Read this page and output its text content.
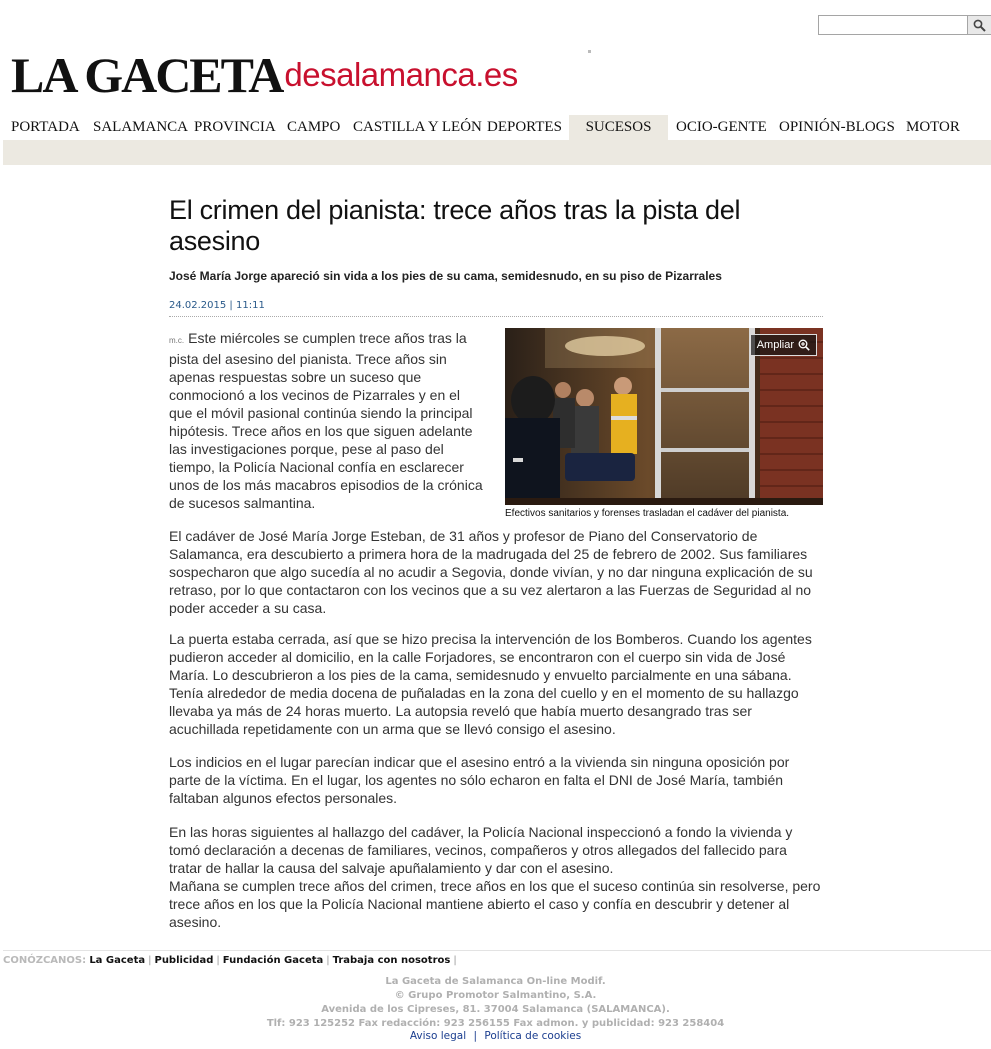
LA GACETAdesalamanca.es
PORTADA SALAMANCA PROVINCIA CAMPO CASTILLA Y LEÓN DEPORTES	SUCESOS	OCIO-GENTE OPINIÓN-BLOGS MOTOR
El crimen del pianista: trece años tras la pista del asesino
José María Jorge apareció sin vida a los pies de su cama, semidesnudo, en su piso de Pizarrales
24.02.2015 | 11:11
Ampliar
Efectivos sanitarios y forenses trasladan el cadáver del pianista.
m.c. Este miércoles se cumplen trece años tras la pista del asesino del pianista. Trece años sin apenas respuestas sobre un suceso que conmocionó a los vecinos de Pizarrales y en el que el móvil pasional continúa siendo la principal hipótesis. Trece años en los que siguen adelante las investigaciones porque, pese al paso del tiempo, la Policía Nacional confía en esclarecer unos de los más macabros episodios de la crónica de sucesos salmantina.
El cadáver de José María Jorge Esteban, de 31 años y profesor de Piano del Conservatorio de Salamanca, era descubierto a primera hora de la madrugada del 25 de febrero de 2002. Sus familiares sospecharon que algo sucedía al no acudir a Segovia, donde vivían, y no dar ninguna explicación de su retraso, por lo que contactaron con los vecinos que a su vez alertaron a las Fuerzas de Seguridad al no poder acceder a su casa.
La puerta estaba cerrada, así que se hizo precisa la intervención de los Bomberos. Cuando los agentes pudieron acceder al domicilio, en la calle Forjadores, se encontraron con el cuerpo sin vida de José María. Lo descubrieron a los pies de la cama, semidesnudo y envuelto parcialmente en una sábana. Tenía alrededor de media docena de puñaladas en la zona del cuello y en el momento de su hallazgo llevaba ya más de 24 horas muerto. La autopsia reveló que había muerto desangrado tras ser acuchillada repetidamente con un arma que se llevó consigo el asesino.
Los indicios en el lugar parecían indicar que el asesino entró a la vivienda sin ninguna oposición por parte de la víctima. En el lugar, los agentes no sólo echaron en falta el DNI de José María, también faltaban algunos efectos personales.

En las horas siguientes al hallazgo del cadáver, la Policía Nacional inspeccionó a fondo la vivienda y tomó declaración a decenas de familiares, vecinos, compañeros y otros allegados del fallecido para tratar de hallar la causa del salvaje apuñalamiento y dar con el asesino.

Mañana se cumplen trece años del crimen, trece años en los que el suceso continúa sin resolverse, pero trece años en los que la Policía Nacional mantiene abierto el caso y confía en descubrir y detener al asesino.

CONÓZCANOS: La Gaceta | Publicidad | Fundación Gaceta | Trabaja con nosotros |
La Gaceta de Salamanca On-line Modif.
© Grupo Promotor Salmantino, S.A.
Avenida de los Cipreses, 81. 37004 Salamanca (SALAMANCA).
Tlf: 923 125252 Fax redacción: 923 256155 Fax admon. y publicidad: 923 258404
Aviso legal | Política de cookies
